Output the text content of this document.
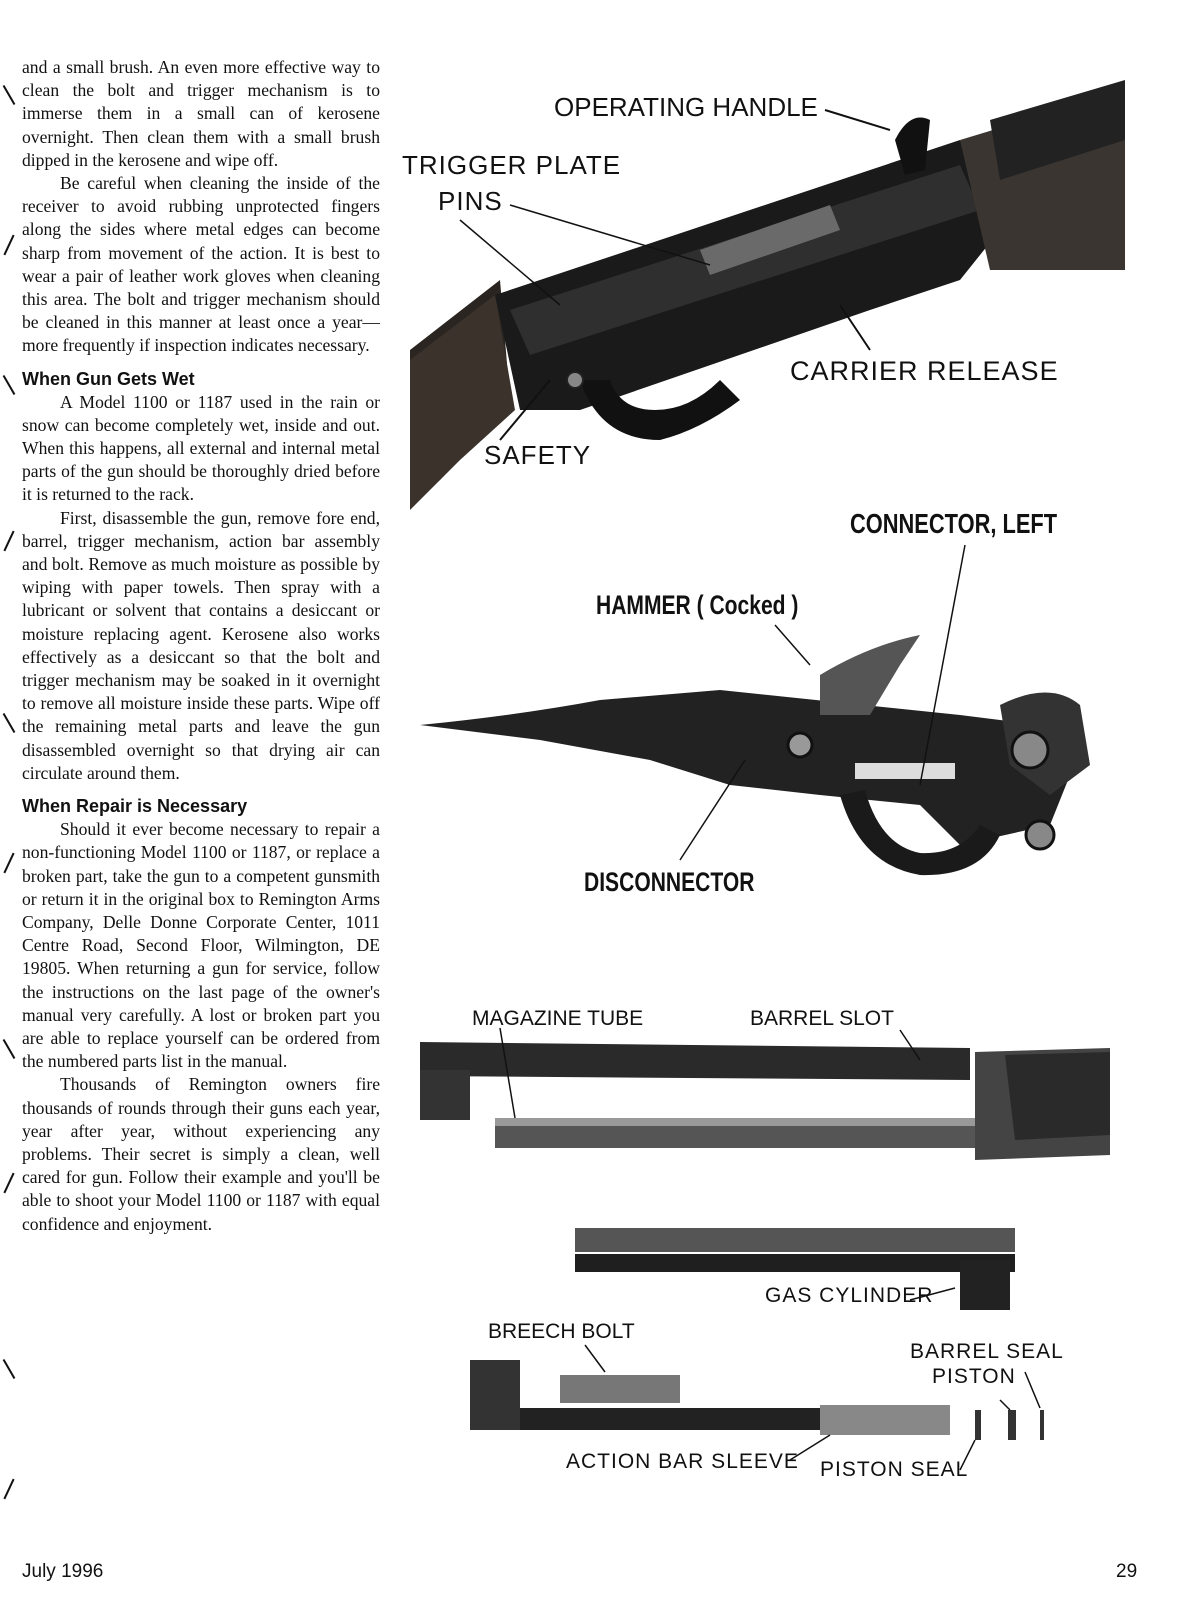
and a small brush. An even more effective way to clean the bolt and trigger mechanism is to immerse them in a small can of kerosene overnight. Then clean them with a small brush dipped in the kerosene and wipe off.

Be careful when cleaning the inside of the receiver to avoid rubbing unprotected fingers along the sides where metal edges can become sharp from movement of the action. It is best to wear a pair of leather work gloves when cleaning this area. The bolt and trigger mechanism should be cleaned in this manner at least once a year— more frequently if inspection indicates necessary.

When Gun Gets Wet

A Model 1100 or 1187 used in the rain or snow can become completely wet, inside and out. When this happens, all external and internal metal parts of the gun should be thoroughly dried before it is returned to the rack.

First, disassemble the gun, remove fore end, barrel, trigger mechanism, action bar assembly and bolt. Remove as much moisture as possible by wiping with paper towels. Then spray with a lubricant or solvent that contains a desiccant or moisture replacing agent. Kerosene also works effectively as a desiccant so that the bolt and trigger mechanism may be soaked in it overnight to remove all moisture inside these parts. Wipe off the remaining metal parts and leave the gun disassembled overnight so that drying air can circulate around them.

When Repair is Necessary

Should it ever become necessary to repair a non-functioning Model 1100 or 1187, or replace a broken part, take the gun to a competent gunsmith or return it in the original box to Remington Arms Company, Delle Donne Corporate Center, 1011 Centre Road, Second Floor, Wilmington, DE 19805. When returning a gun for service, follow the instructions on the last page of the owner's manual very carefully. A lost or broken part you are able to replace yourself can be ordered from the numbered parts list in the manual.

Thousands of Remington owners fire thousands of rounds through their guns each year, year after year, without experiencing any problems. Their secret is simply a clean, well cared for gun. Follow their example and you'll be able to shoot your Model 1100 or 1187 with equal confidence and enjoyment.

OPERATING HANDLE
TRIGGER PLATE
PINS
CARRIER RELEASE
SAFETY
CONNECTOR, LEFT
HAMMER ( Cocked )
DISCONNECTOR
MAGAZINE TUBE	BARREL SLOT
GAS CYLINDER
BREECH BOLT
BARREL SEAL
PISTON
ACTION BAR SLEEVE PISTON SEAL
July 1996	29
